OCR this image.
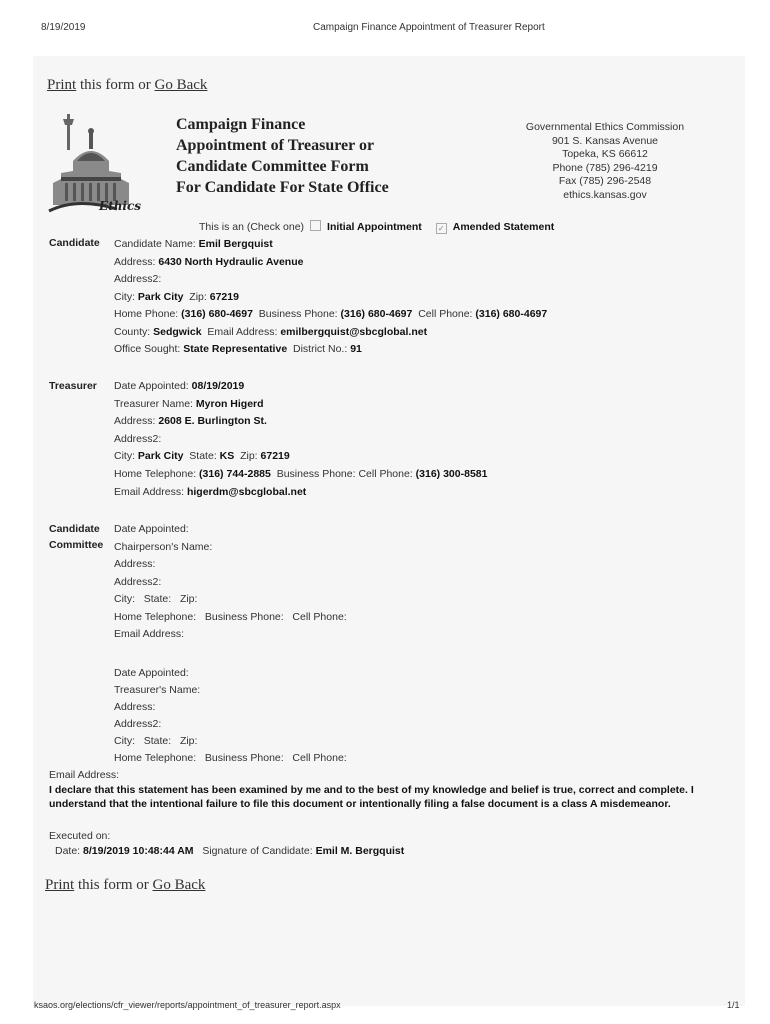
8/19/2019	Campaign Finance Appointment of Treasurer Report
Print this form or Go Back
Ethics
Campaign Finance
Appointment of Treasurer or
Candidate Committee Form
For Candidate For State Office
Governmental Ethics Commission
901 S. Kansas Avenue
Topeka, KS 66612
Phone (785) 296-4219
Fax (785) 296-2548
ethics.kansas.gov
This is an (Check one) Initial Appointment ✓ Amended Statement
Candidate Candidate Name: Emil Bergquist
Address: 6430 North Hydraulic Avenue
Address2:
City: Park City Zip: 67219
Home Phone: (316) 680-4697 Business Phone: (316) 680-4697 Cell Phone: (316) 680-4697
County: Sedgwick Email Address: emilbergquist@sbcglobal.net
Office Sought: State Representative District No.: 91
Treasurer Date Appointed: 08/19/2019
Treasurer Name: Myron Higerd
Address: 2608 E. Burlington St.
Address2:
City: Park City State: KS Zip: 67219
Home Telephone: (316) 744-2885 Business Phone: Cell Phone: (316) 300-8581
Email Address: higerdm@sbcglobal.net
Candidate
Committee
Date Appointed:
Chairperson's Name:
Address:
Address2:
City:   State:   Zip:
Home Telephone:   Business Phone:   Cell Phone:
Email Address:
Date Appointed:
Treasurer's Name:
Address:
Address2:
City:   State:   Zip:
Home Telephone:   Business Phone:   Cell Phone:
Email Address:
I declare that this statement has been examined by me and to the best of my knowledge and belief is true, correct and complete. I understand that the intentional failure to file this document or intentionally filing a false document is a class A misdemeanor.
Executed on:
Date: 8/19/2019 10:48:44 AM Signature of Candidate: Emil M. Bergquist
Print this form or Go Back
ksaos.org/elections/cfr_viewer/reports/appointment_of_treasurer_report.aspx	1/1
